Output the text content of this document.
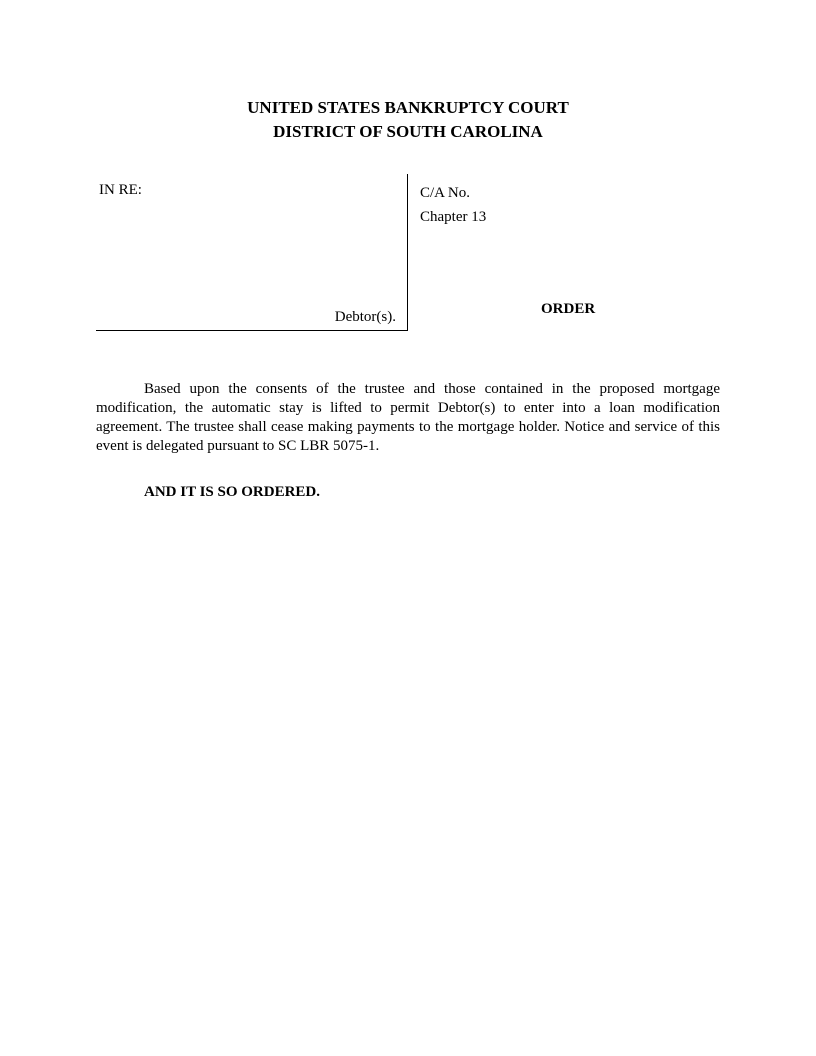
UNITED STATES BANKRUPTCY COURT
DISTRICT OF SOUTH CAROLINA
IN RE:
Debtor(s).
C/A No.
Chapter 13
ORDER

Based upon the consents of the trustee and those contained in the proposed mortgage modification, the automatic stay is lifted to permit Debtor(s) to enter into a loan modification agreement. The trustee shall cease making payments to the mortgage holder. Notice and service of this event is delegated pursuant to SC LBR 5075-1.

AND IT IS SO ORDERED.
